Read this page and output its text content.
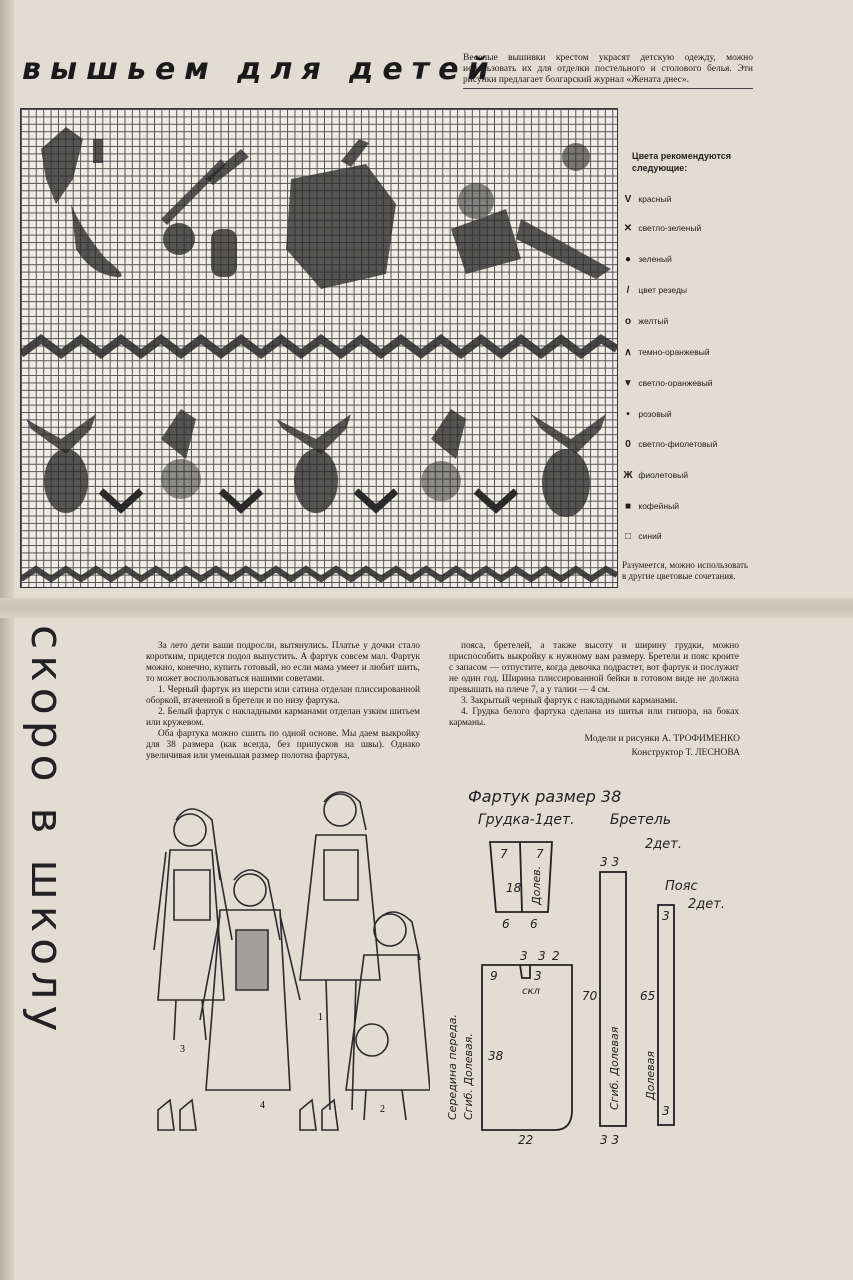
вышьем для детей
Веселые вышивки крестом украсят детскую одежду, можно использовать их для отделки постельного и столового белья. Эти рисунки предлагает болгарский журнал «Жената днес».
Цвета рекомендуются следующие:
V красный
✕ светло-зеленый
● зеленый
/ цвет резеды
o желтый
∧ темно-оранжевый
▼ светло-оранжевый
• розовый
0 светло-фиолетовый
Ж фиолетовый
■ кофейный
□ синий
Разумеется, можно использовать в другие цветовые сочетания.
скоро в школу	За лето дети ваши подросли, вытянулись. Платье у дочки стало коротким, придется подол выпустить. А фартук совсем мал. Фартук можно, конечно, купить готовый, но если мама умеет и любит шить, то может воспользоваться нашими советами.

1. Черный фартук из шерсти или сатина отделан плиссированной оборкой, втаченной в бретели и по низу фартука.

2. Белый фартук с накладными карманами отделан узким шитьем или кружевом.

Оба фартука можно сшить по одной основе. Мы даем выкройку для 38 размера (как всегда, без припусков на швы). Однако увеличивая или уменьшая размер полотна фартука,

пояса, бретелей, а также высоту и ширину грудки, можно приспособить выкройку к нужному вам размеру. Бретели и пояс кроите с запасом — отпустите, когда девочка подрастет, вот фартук и послужит не один год. Ширина плиссированной бейки в готовом виде не должна превышать на плече 7, а у талии — 4 см.

3. Закрытый черный фартук с накладными карманами.

4. Грудка белого фартука сделана из шитья или гипюра, на боках карманы.

Модели и рисунки А. ТРОФИМЕНКО
Конструктор Т. ЛЕСНОВА
3
4
1
2
Фартук размер 38
Грудка-1дет.	Бретель
2дет.
Пояс
2дет.
7 7
18
6 6
3 3 2
9	3
скл
38
22
3 3
70
3 3
65
3
3
Долев.
Середина переда. Сгиб. Долевая.	Сгиб. Долевая Долевая
